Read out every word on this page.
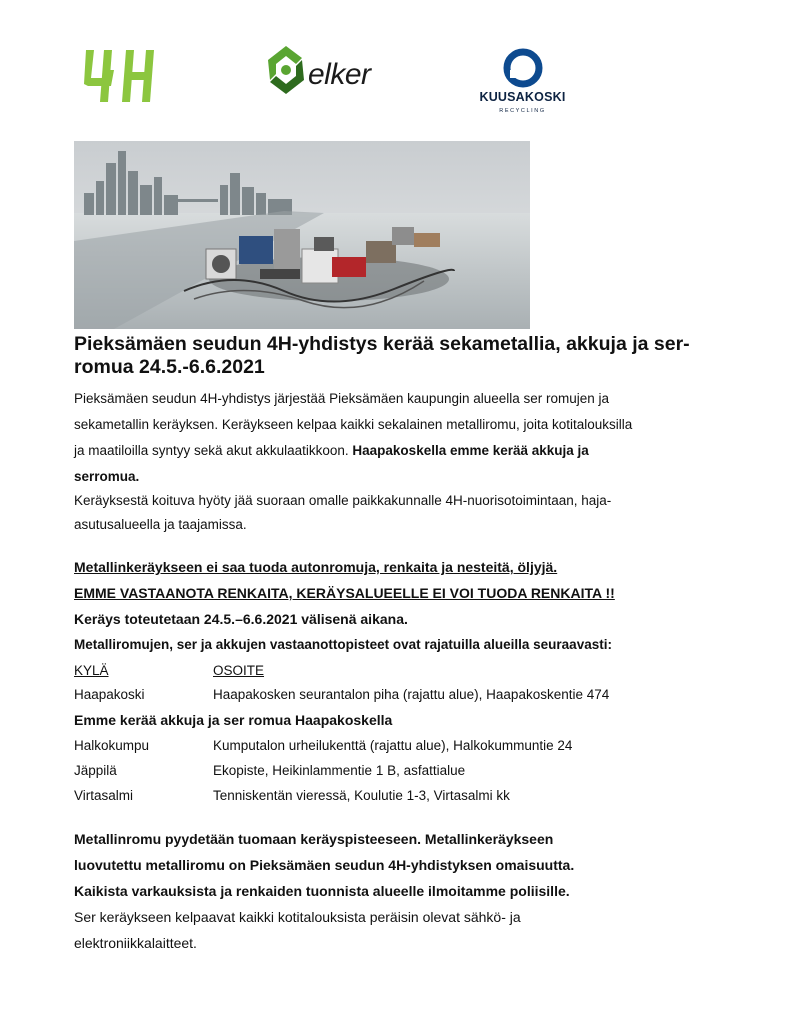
elker
KUUSAKOSKI
RECYCLING
Pieksämäen seudun 4H-yhdistys kerää sekametallia, akkuja ja ser-romua 24.5.-6.6.2021
Pieksämäen seudun 4H-yhdistys järjestää Pieksämäen kaupungin alueella ser romujen ja
sekametallin keräyksen. Keräykseen kelpaa kaikki sekalainen metalliromu, joita kotitalouksilla
ja maatiloilla syntyy sekä akut akkulaatikkoon. Haapakoskella emme kerää akkuja ja
serromua.
Keräyksestä koituva hyöty jää suoraan omalle paikkakunnalle 4H-nuorisotoimintaan, haja-
asutusalueella ja taajamissa.
Metallinkeräykseen ei saa tuoda autonromuja, renkaita ja nesteitä, öljyjä.
EMME VASTAANOTA RENKAITA, KERÄYSALUEELLE EI VOI TUODA RENKAITA !!
Keräys toteutetaan 24.5.–6.6.2021 välisenä aikana.
Metalliromujen, ser ja akkujen vastaanottopisteet ovat rajatuilla alueilla seuraavasti:
KYLÄ	OSOITE
Haapakoski	Haapakosken seurantalon piha (rajattu alue), Haapakoskentie 474
Emme kerää akkuja ja ser romua Haapakoskella
Halkokumpu	Kumputalon urheilukenttä (rajattu alue), Halkokummuntie 24
Jäppilä	Ekopiste, Heikinlammentie 1 B, asfattialue
Virtasalmi	Tenniskentän vieressä, Koulutie 1-3, Virtasalmi kk
Metallinromu pyydetään tuomaan keräyspisteeseen. Metallinkeräykseen
luovutettu metalliromu on Pieksämäen seudun 4H-yhdistyksen omaisuutta.
Kaikista varkauksista ja renkaiden tuonnista alueelle ilmoitamme poliisille.
Ser keräykseen kelpaavat kaikki kotitalouksista peräisin olevat sähkö- ja
elektroniikkalaitteet.
